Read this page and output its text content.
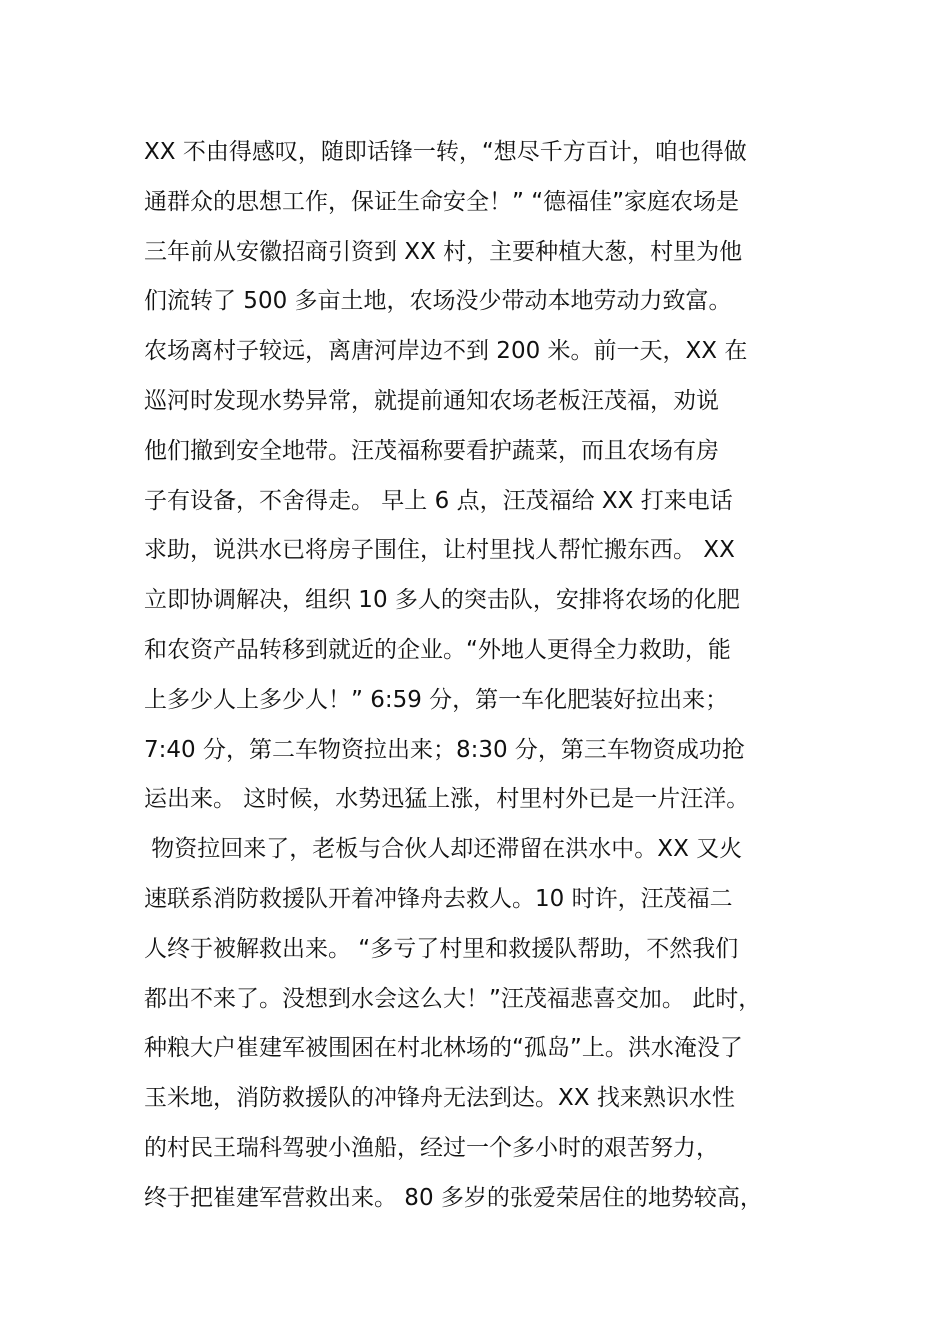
XX 不由得感叹，随即话锋一转，“想尽千方百计，咱也得做
通群众的思想工作，保证生命安全！” “德福佳”家庭农场是
三年前从安徽招商引资到 XX 村，主要种植大葱，村里为他
们流转了 500 多亩土地，农场没少带动本地劳动力致富。
农场离村子较远，离唐河岸边不到 200 米。前一天，XX 在
巡河时发现水势异常，就提前通知农场老板汪茂福，劝说
他们撤到安全地带。汪茂福称要看护蔬菜，而且农场有房
子有设备，不舍得走。 早上 6 点，汪茂福给 XX 打来电话
求助，说洪水已将房子围住，让村里找人帮忙搬东西。 XX
立即协调解决，组织 10 多人的突击队，安排将农场的化肥
和农资产品转移到就近的企业。“外地人更得全力救助，能
上多少人上多少人！” 6:59 分，第一车化肥装好拉出来；
7:40 分，第二车物资拉出来；8:30 分，第三车物资成功抢
运出来。 这时候，水势迅猛上涨，村里村外已是一片汪洋。
物资拉回来了，老板与合伙人却还滞留在洪水中。XX 又火
速联系消防救援队开着冲锋舟去救人。10 时许，汪茂福二
人终于被解救出来。 “多亏了村里和救援队帮助，不然我们
都出不来了。没想到水会这么大！”汪茂福悲喜交加。 此时，
种粮大户崔建军被围困在村北林场的“孤岛”上。洪水淹没了
玉米地，消防救援队的冲锋舟无法到达。XX 找来熟识水性
的村民王瑞科驾驶小渔船，经过一个多小时的艰苦努力，
终于把崔建军营救出来。 80 多岁的张爱荣居住的地势较高，
